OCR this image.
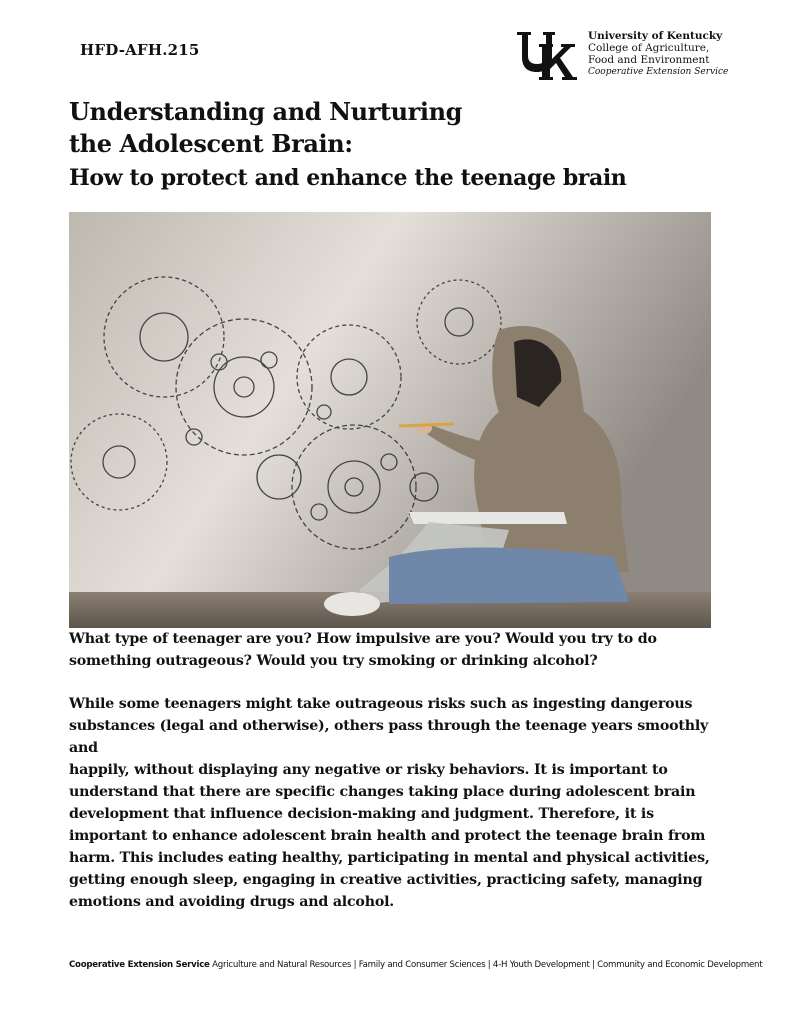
HFD-AFH.215
University of Kentucky
College of Agriculture,
Food and Environment
Cooperative Extension Service
Understanding and Nurturing
the Adolescent Brain:
How to protect and enhance the teenage brain

What type of teenager are you? How impulsive are you? Would you try to do
something outrageous? Would you try smoking or drinking alcohol?

While some teenagers might take outrageous risks such as ingesting dangerous
substances (legal and otherwise), others pass through the teenage years smoothly and
happily, without displaying any negative or risky behaviors. It is important to
understand that there are specific changes taking place during adolescent brain
development that influence decision-making and judgment. Therefore, it is
important to enhance adolescent brain health and protect the teenage brain from
harm. This includes eating healthy, participating in mental and physical activities,
getting enough sleep, engaging in creative activities, practicing safety, managing
emotions and avoiding drugs and alcohol.

Cooperative Extension Service Agriculture and Natural Resources | Family and Consumer Sciences | 4-H Youth Development | Community and Economic Development
